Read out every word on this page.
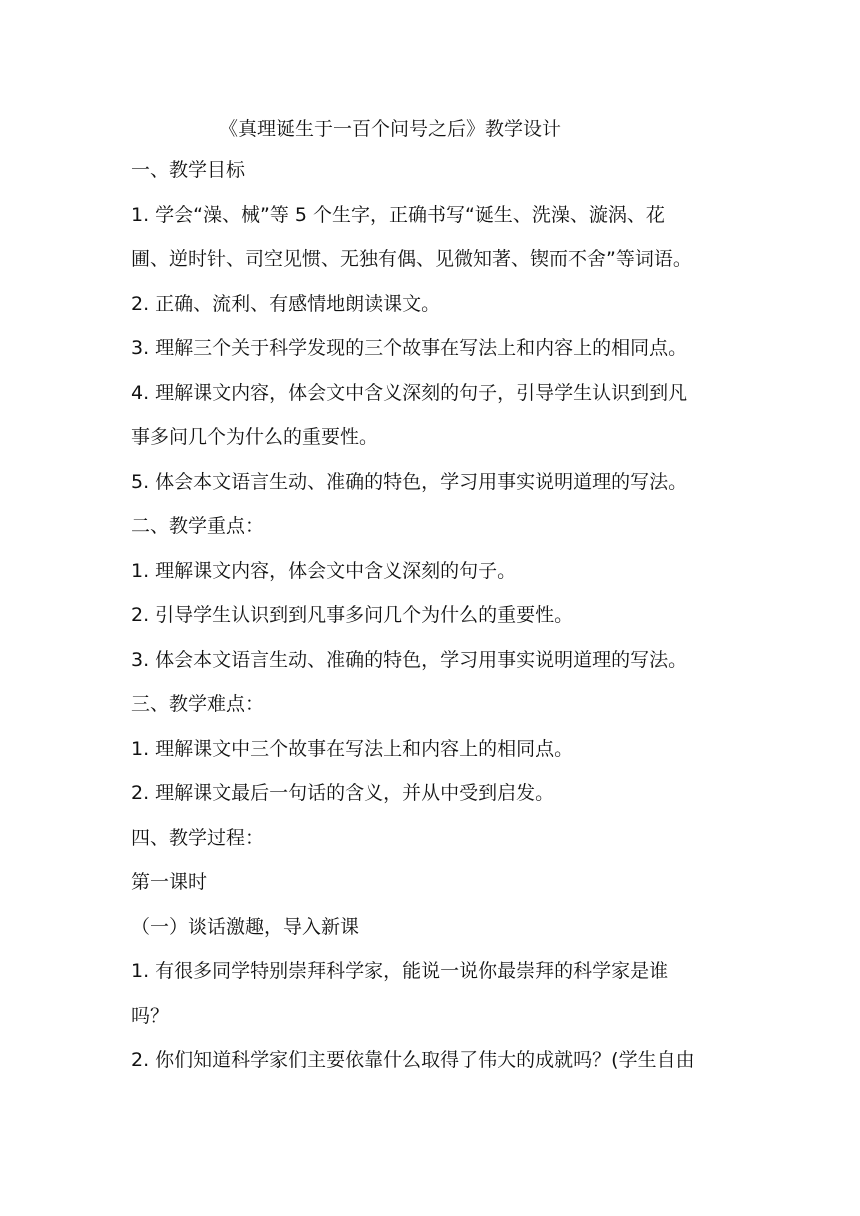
《真理诞生于一百个问号之后》教学设计

一、教学目标

1. 学会“澡、械”等 5 个生字，正确书写“诞生、洗澡、漩涡、花

圃、逆时针、司空见惯、无独有偶、见微知著、锲而不舍”等词语。

2. 正确、流利、有感情地朗读课文。

3. 理解三个关于科学发现的三个故事在写法上和内容上的相同点。

4. 理解课文内容，体会文中含义深刻的句子，引导学生认识到到凡

事多问几个为什么的重要性。

5. 体会本文语言生动、准确的特色，学习用事实说明道理的写法。

二、教学重点：

1. 理解课文内容，体会文中含义深刻的句子。

2. 引导学生认识到到凡事多问几个为什么的重要性。

3. 体会本文语言生动、准确的特色，学习用事实说明道理的写法。

三、教学难点：

1. 理解课文中三个故事在写法上和内容上的相同点。

2. 理解课文最后一句话的含义，并从中受到启发。

四、教学过程：

第一课时

（一）谈话激趣，导入新课

1. 有很多同学特别崇拜科学家，能说一说你最崇拜的科学家是谁

吗？

2. 你们知道科学家们主要依靠什么取得了伟大的成就吗？(学生自由
